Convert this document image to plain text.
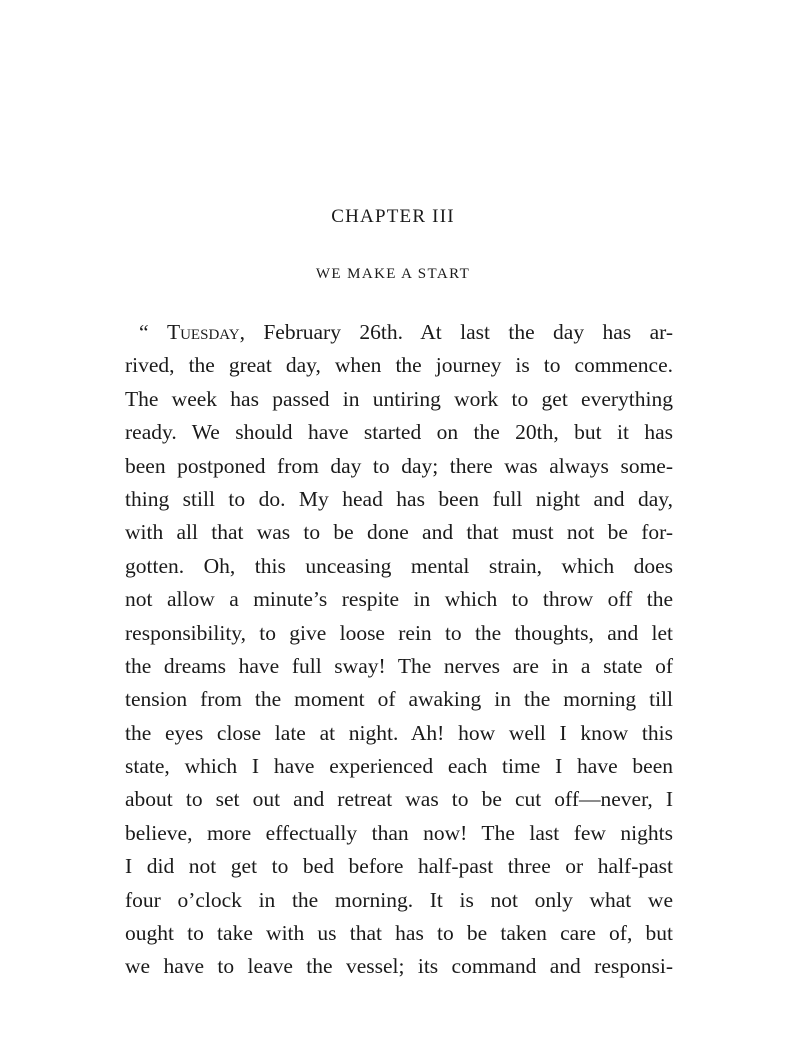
CHAPTER III
WE MAKE A START
“ Tuesday, February 26th. At last the day has ar-
rived, the great day, when the journey is to commence.
The week has passed in untiring work to get everything
ready. We should have started on the 20th, but it has
been postponed from day to day; there was always some-
thing still to do. My head has been full night and day,
with all that was to be done and that must not be for-
gotten. Oh, this unceasing mental strain, which does
not allow a minute’s respite in which to throw off the
responsibility, to give loose rein to the thoughts, and let
the dreams have full sway! The nerves are in a state of
tension from the moment of awaking in the morning till
the eyes close late at night. Ah! how well I know this
state, which I have experienced each time I have been
about to set out and retreat was to be cut off—never, I
believe, more effectually than now! The last few nights
I did not get to bed before half-past three or half-past
four o’clock in the morning. It is not only what we
ought to take with us that has to be taken care of, but
we have to leave the vessel; its command and responsi-
